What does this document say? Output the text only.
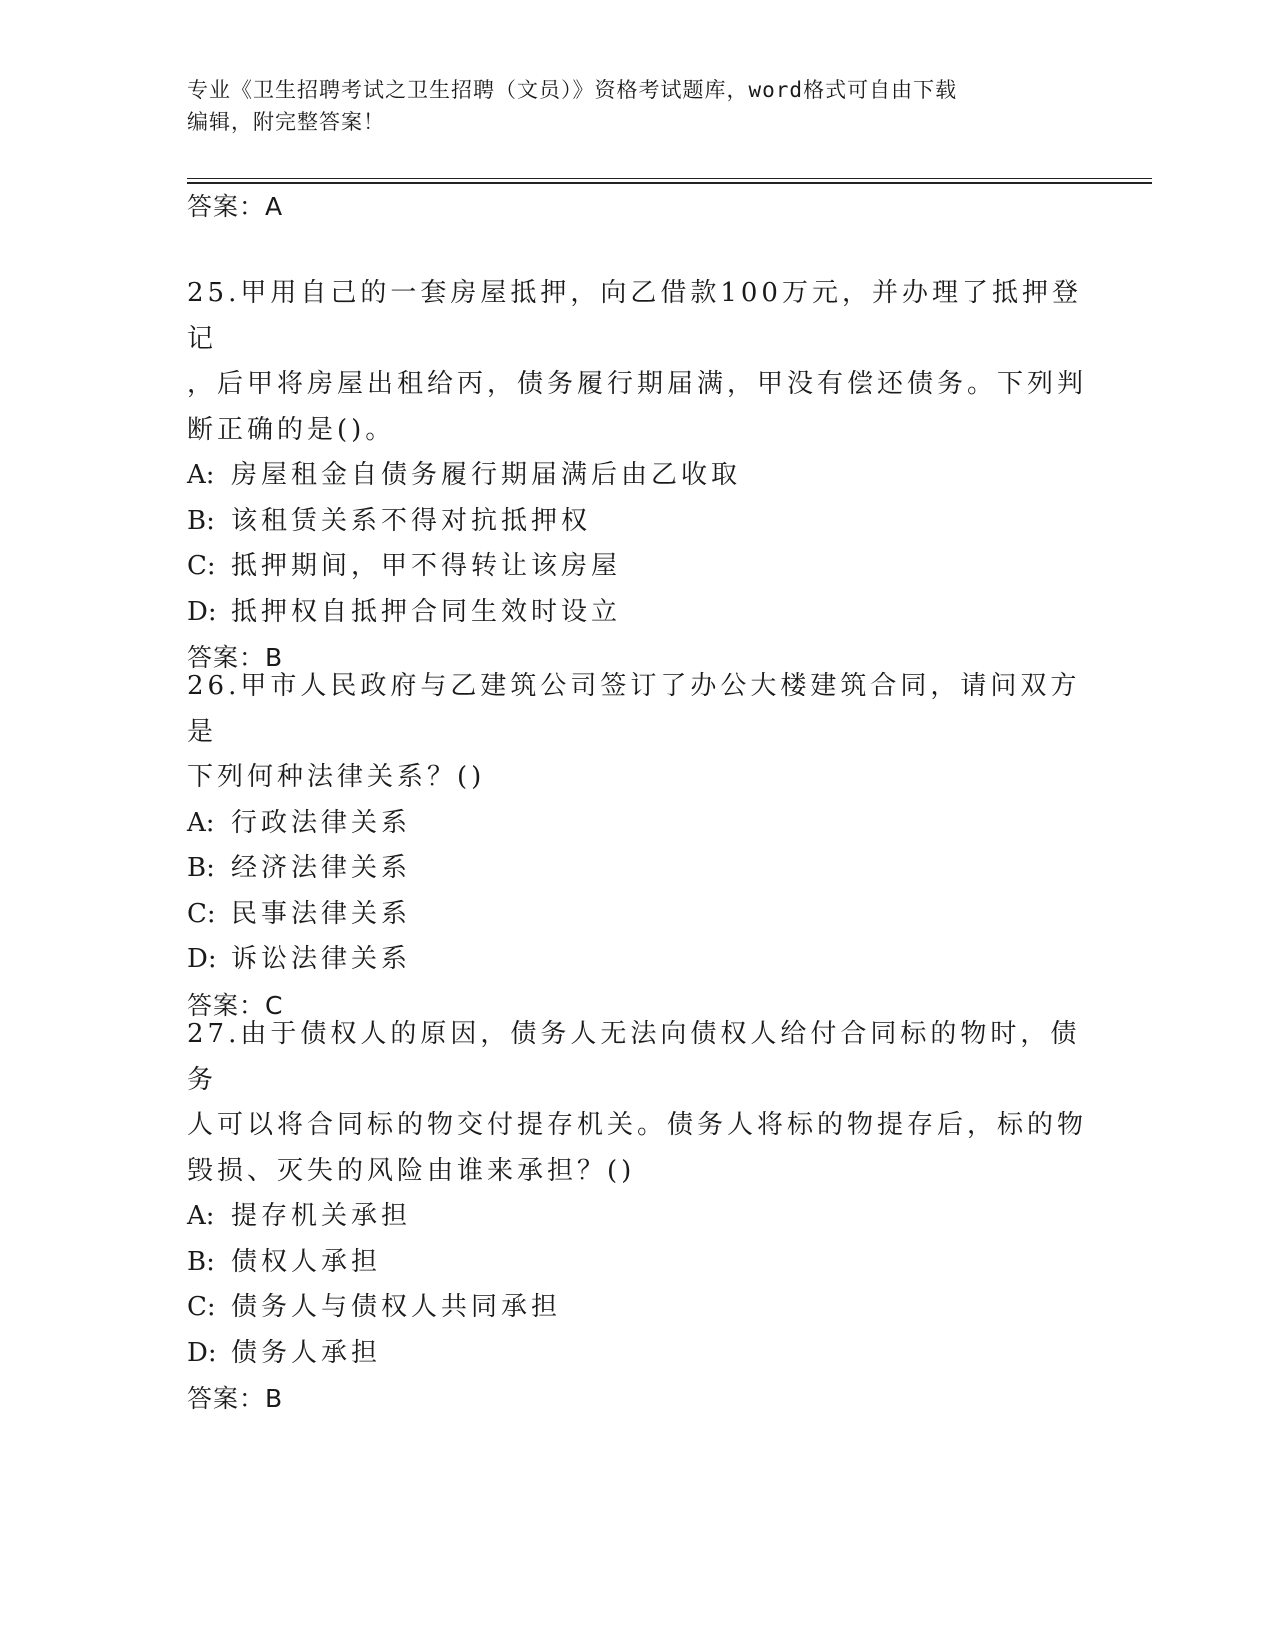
专业《卫生招聘考试之卫生招聘（文员）》资格考试题库，word格式可自由下载
编辑，附完整答案！
答案：A

25.甲用自己的一套房屋抵押，向乙借款100万元，并办理了抵押登记

，后甲将房屋出租给丙，债务履行期届满，甲没有偿还债务。下列判

断正确的是()。

A: 房屋租金自债务履行期届满后由乙收取

B: 该租赁关系不得对抗抵押权

C: 抵押期间，甲不得转让该房屋

D: 抵押权自抵押合同生效时设立

答案：B

26.甲市人民政府与乙建筑公司签订了办公大楼建筑合同，请问双方是

下列何种法律关系？()

A: 行政法律关系

B: 经济法律关系

C: 民事法律关系

D: 诉讼法律关系

答案：C

27.由于债权人的原因，债务人无法向债权人给付合同标的物时，债务

人可以将合同标的物交付提存机关。债务人将标的物提存后，标的物

毁损、灭失的风险由谁来承担？()

A: 提存机关承担

B: 债权人承担

C: 债务人与债权人共同承担

D: 债务人承担

答案：B
